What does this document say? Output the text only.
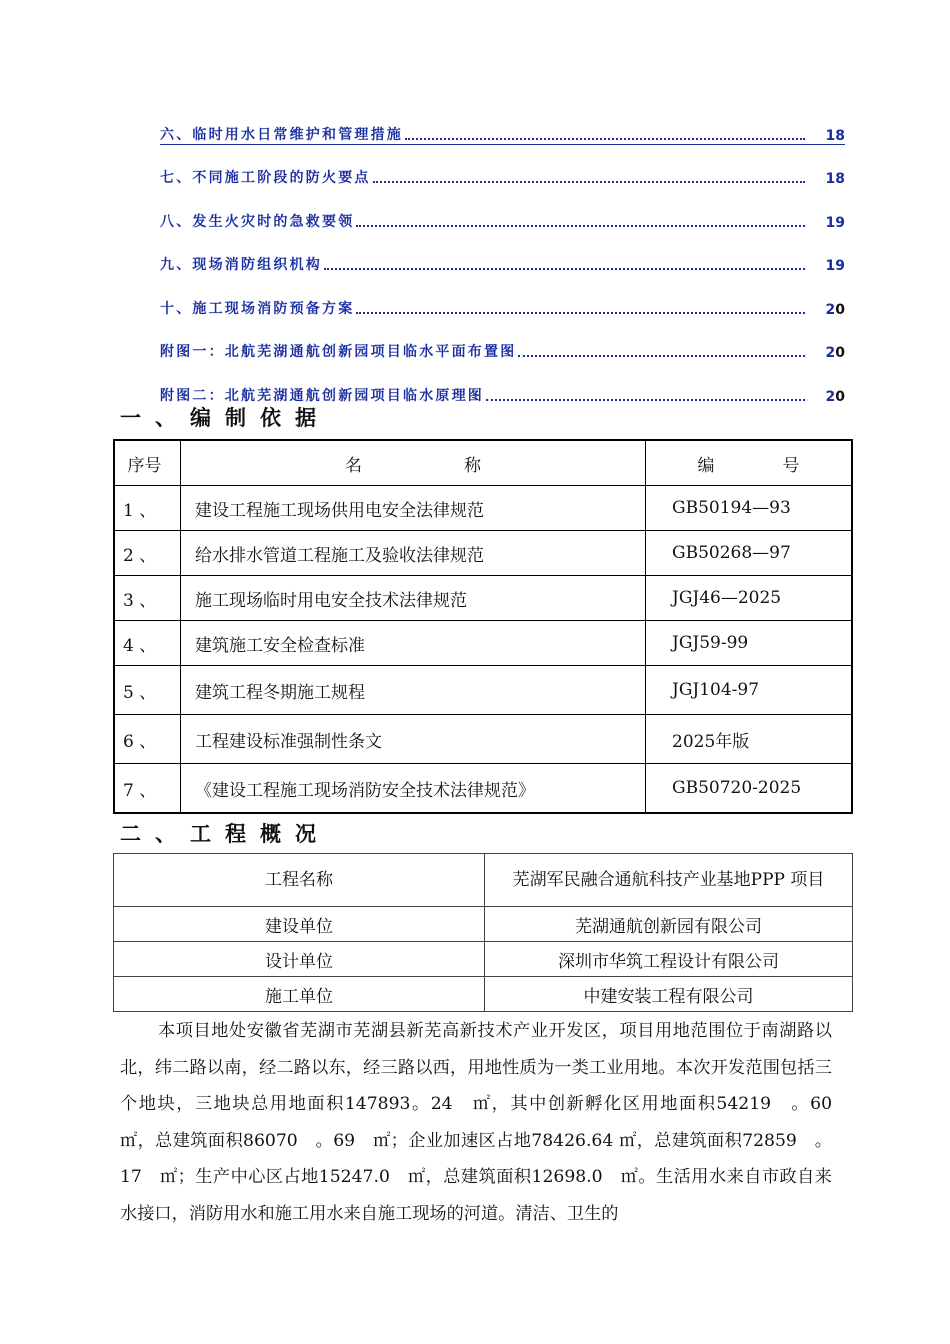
六、临时用水日常维护和管理措施	18
七、不同施工阶段的防火要点	18
八、发生火灾时的急救要领	19
九、现场消防组织机构	19
十、施工现场消防预备方案	20
附图一：北航芜湖通航创新园项目临水平面布置图	20
附图二：北航芜湖通航创新园项目临水原理图	20
一、编制依据
序号	名　　　　　　称	编　　　　号
1 、	建设工程施工现场供用电安全法律规范	GB50194—93
2 、	给水排水管道工程施工及验收法律规范	GB50268—97
3 、	施工现场临时用电安全技术法律规范	JGJ46—2025
4 、	建筑施工安全检查标准	JGJ59-99
5 、	建筑工程冬期施工规程	JGJ104-97
6 、	工程建设标准强制性条文	2025年版
7 、	《建设工程施工现场消防安全技术法律规范》	GB50720-2025
二、工程概况
工程名称	芜湖军民融合通航科技产业基地PPP 项目
建设单位	芜湖通航创新园有限公司
设计单位	深圳市华筑工程设计有限公司
施工单位	中建安装工程有限公司
本项目地处安徽省芜湖市芜湖县新芜高新技术产业开发区，项目用地范围位于南湖路以北，纬二路以南，经二路以东，经三路以西，用地性质为一类工业用地。本次开发范围包括三个地块，三地块总用地面积147893。24　㎡，其中创新孵化区用地面积54219　。60　㎡，总建筑面积86070　。69　㎡；企业加速区占地78426.64 ㎡，总建筑面积72859　。17　㎡；生产中心区占地15247.0　㎡，总建筑面积12698.0　㎡。生活用水来自市政自来水接口，消防用水和施工用水来自施工现场的河道。清洁、卫生的
